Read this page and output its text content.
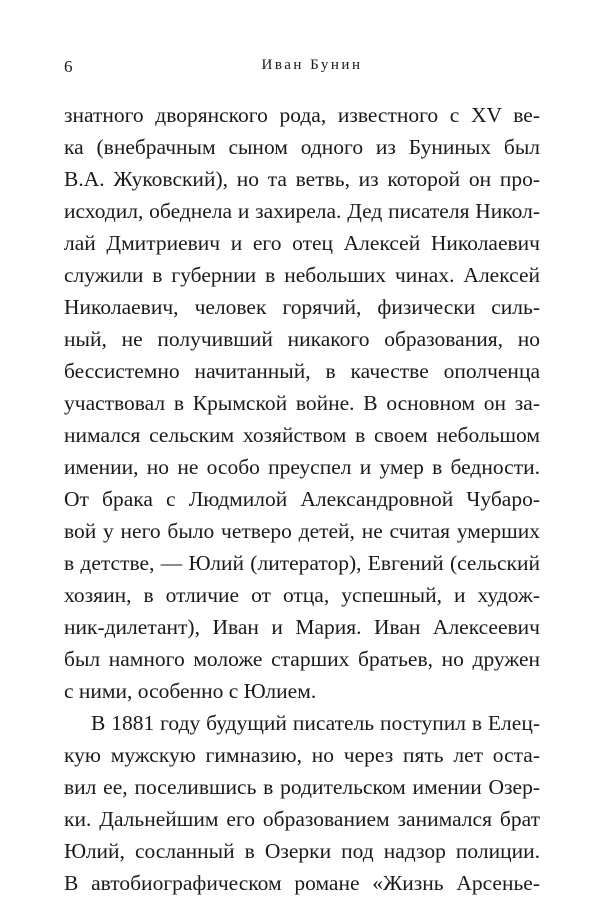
6	Иван Бунин
знатного дворянского рода, известного с XV ве-
ка (внебрачным сыном одного из Буниных был
В.А. Жуковский), но та ветвь, из которой он про-
исходил, обеднела и захирела. Дед писателя Никол-
лай Дмитриевич и его отец Алексей Николаевич
служили в губернии в небольших чинах. Алексей
Николаевич, человек горячий, физически силь-
ный, не получивший никакого образования, но
бессистемно начитанный, в качестве ополченца
участвовал в Крымской войне. В основном он за-
нимался сельским хозяйством в своем небольшом
имении, но не особо преуспел и умер в бедности.
От брака с Людмилой Александровной Чубаро-
вой у него было четверо детей, не считая умерших
в детстве, — Юлий (литератор), Евгений (сельский
хозяин, в отличие от отца, успешный, и худож-
ник-дилетант), Иван и Мария. Иван Алексеевич
был намного моложе старших братьев, но дружен
с ними, особенно с Юлием.
В 1881 году будущий писатель поступил в Елец-
кую мужскую гимназию, но через пять лет оста-
вил ее, поселившись в родительском имении Озер-
ки. Дальнейшим его образованием занимался брат
Юлий, сосланный в Озерки под надзор полиции.
В автобиографическом романе «Жизнь Арсенье-
